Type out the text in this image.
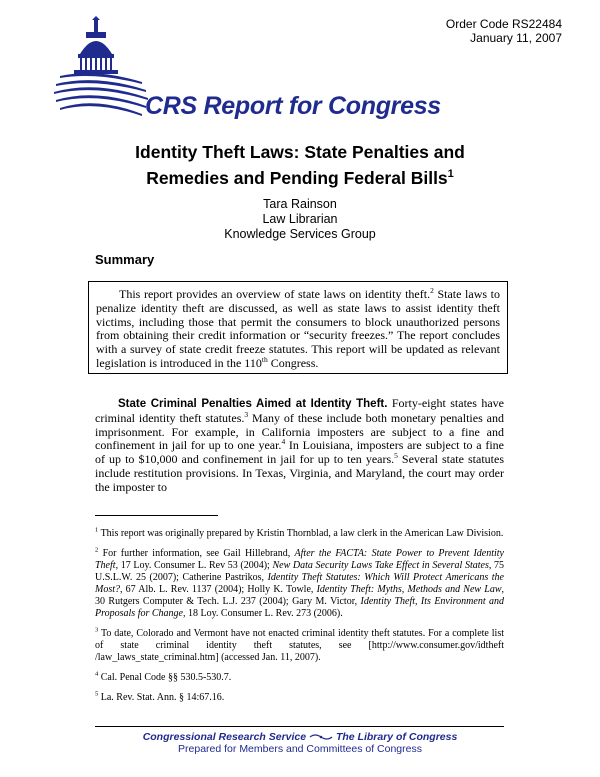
Order Code RS22484
January 11, 2007
CRS Report for Congress
Identity Theft Laws: State Penalties and
Remedies and Pending Federal Bills$^1$
Tara Rainson
Law Librarian
Knowledge Services Group
Summary
This report provides an overview of state laws on identity theft.$^2$ State laws to penalize identity theft are discussed, as well as state laws to assist identity theft victims, including those that permit the consumers to block unauthorized persons from obtaining their credit information or “security freezes.” The report concludes with a survey of state credit freeze statutes. This report will be updated as relevant legislation is introduced in the 110th Congress.
State Criminal Penalties Aimed at Identity Theft. Forty-eight states have criminal identity theft statutes.$^3$ Many of these include both monetary penalties and imprisonment. For example, in California imposters are subject to a fine and confinement in jail for up to one year.$^4$ In Louisiana, imposters are subject to a fine of up to $10,000 and confinement in jail for up to ten years.$^5$ Several state statutes include restitution provisions. In Texas, Virginia, and Maryland, the court may order the imposter to

$^1$ This report was originally prepared by Kristin Thornblad, a law clerk in the American Law Division.

$^2$ For further information, see Gail Hillebrand, After the FACTA: State Power to Prevent Identity Theft, 17 Loy. Consumer L. Rev 53 (2004); New Data Security Laws Take Effect in Several States, 75 U.S.L.W. 25 (2007); Catherine Pastrikos, Identity Theft Statutes: Which Will Protect Americans the Most?, 67 Alb. L. Rev. 1137 (2004); Holly K. Towle, Identity Theft: Myths, Methods and New Law, 30 Rutgers Computer & Tech. L.J. 237 (2004); Gary M. Victor, Identity Theft, Its Environment and Proposals for Change, 18 Loy. Consumer L. Rev. 273 (2006).

$^3$ To date, Colorado and Vermont have not enacted criminal identity theft statutes. For a complete list of state criminal identity theft statutes, see [http://www.consumer.gov/idtheft /law_laws_state_criminal.htm] (accessed Jan. 11, 2007).

$^4$ Cal. Penal Code §§ 530.5-530.7.

$^5$ La. Rev. Stat. Ann. § 14:67.16.

Congressional Research Service	The Library of Congress
Prepared for Members and Committees of Congress
